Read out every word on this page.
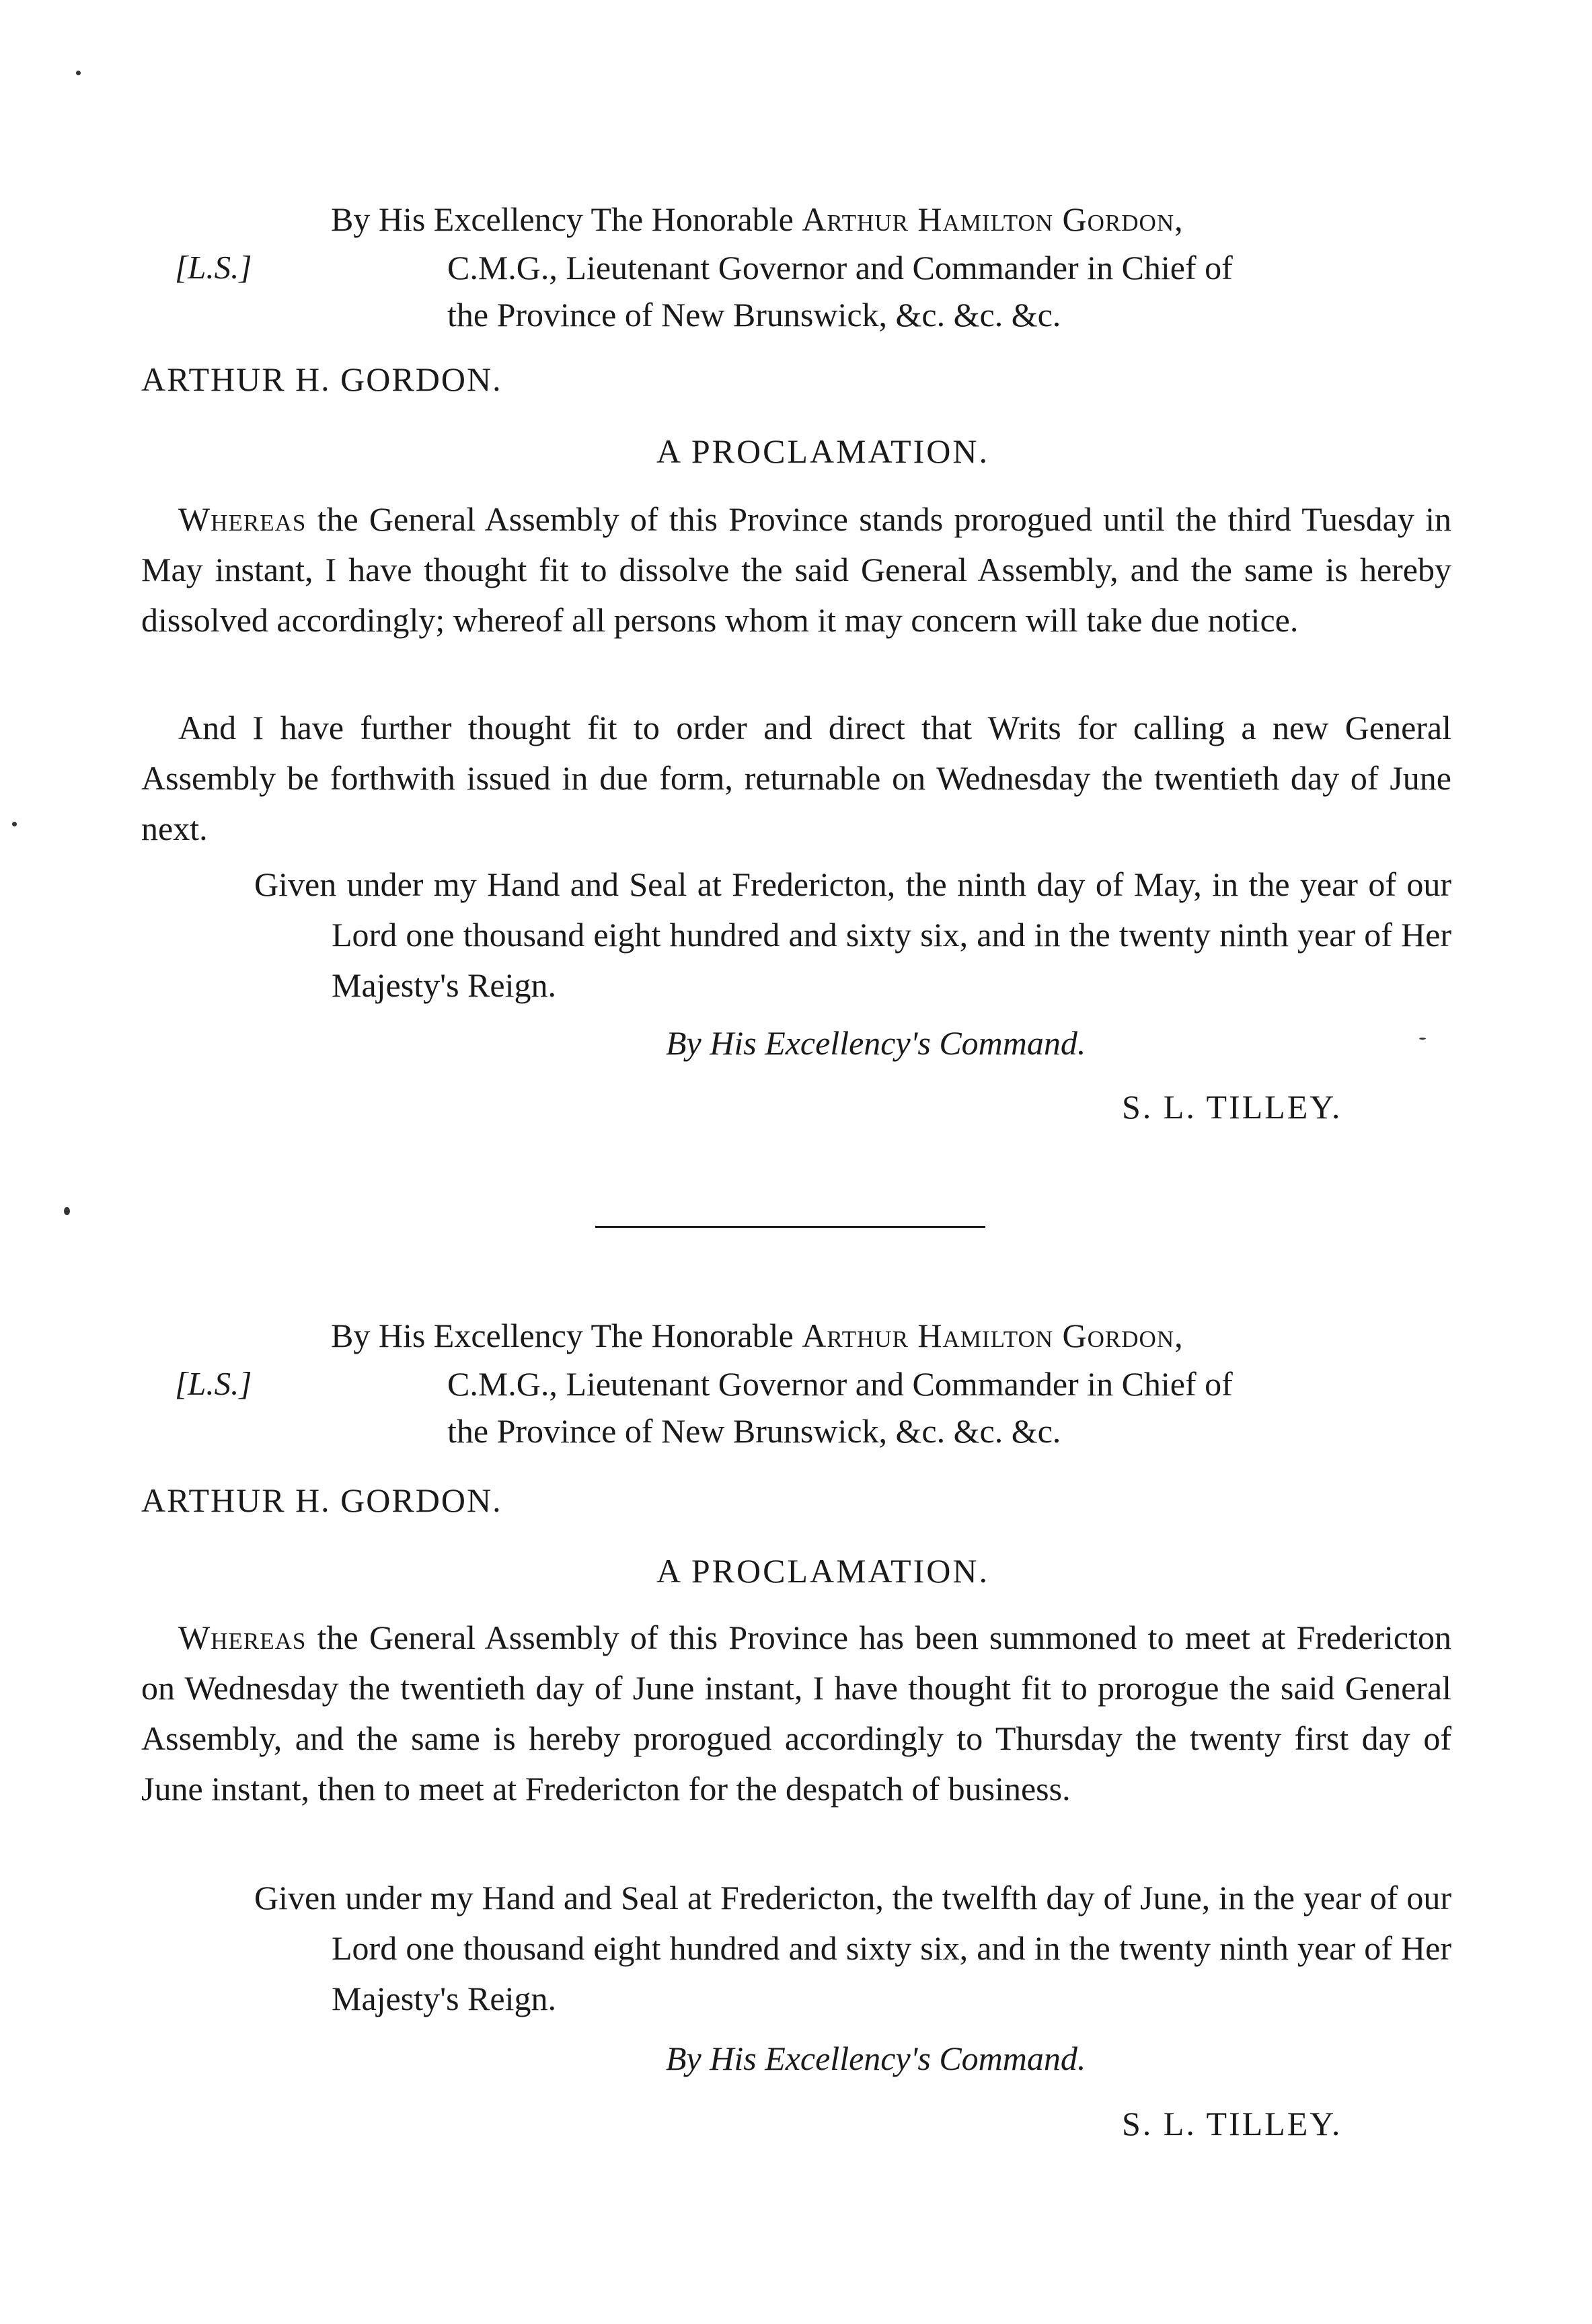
[L.S.]
By His Excellency The Honorable Arthur Hamilton Gordon,
C.M.G., Lieutenant Governor and Commander in Chief of
the Province of New Brunswick, &c. &c. &c.
ARTHUR H. GORDON.
A PROCLAMATION.
Whereas the General Assembly of this Province stands prorogued until the third Tuesday in May instant, I have thought fit to dissolve the said General Assembly, and the same is hereby dissolved accordingly; whereof all persons whom it may concern will take due notice.
And I have further thought fit to order and direct that Writs for calling a new General Assembly be forthwith issued in due form, returnable on Wednesday the twentieth day of June next.
Given under my Hand and Seal at Fredericton, the ninth day of May, in the year of our Lord one thousand eight hundred and sixty six, and in the twenty ninth year of Her Majesty's Reign.
By His Excellency's Command.
S. L. TILLEY.
[L.S.]
By His Excellency The Honorable Arthur Hamilton Gordon,
C.M.G., Lieutenant Governor and Commander in Chief of
the Province of New Brunswick, &c. &c. &c.
ARTHUR H. GORDON.
A PROCLAMATION.
Whereas the General Assembly of this Province has been summoned to meet at Fredericton on Wednesday the twentieth day of June instant, I have thought fit to prorogue the said General Assembly, and the same is hereby prorogued accordingly to Thursday the twenty first day of June instant, then to meet at Fredericton for the despatch of business.
Given under my Hand and Seal at Fredericton, the twelfth day of June, in the year of our Lord one thousand eight hundred and sixty six, and in the twenty ninth year of Her Majesty's Reign.
By His Excellency's Command.
S. L. TILLEY.
